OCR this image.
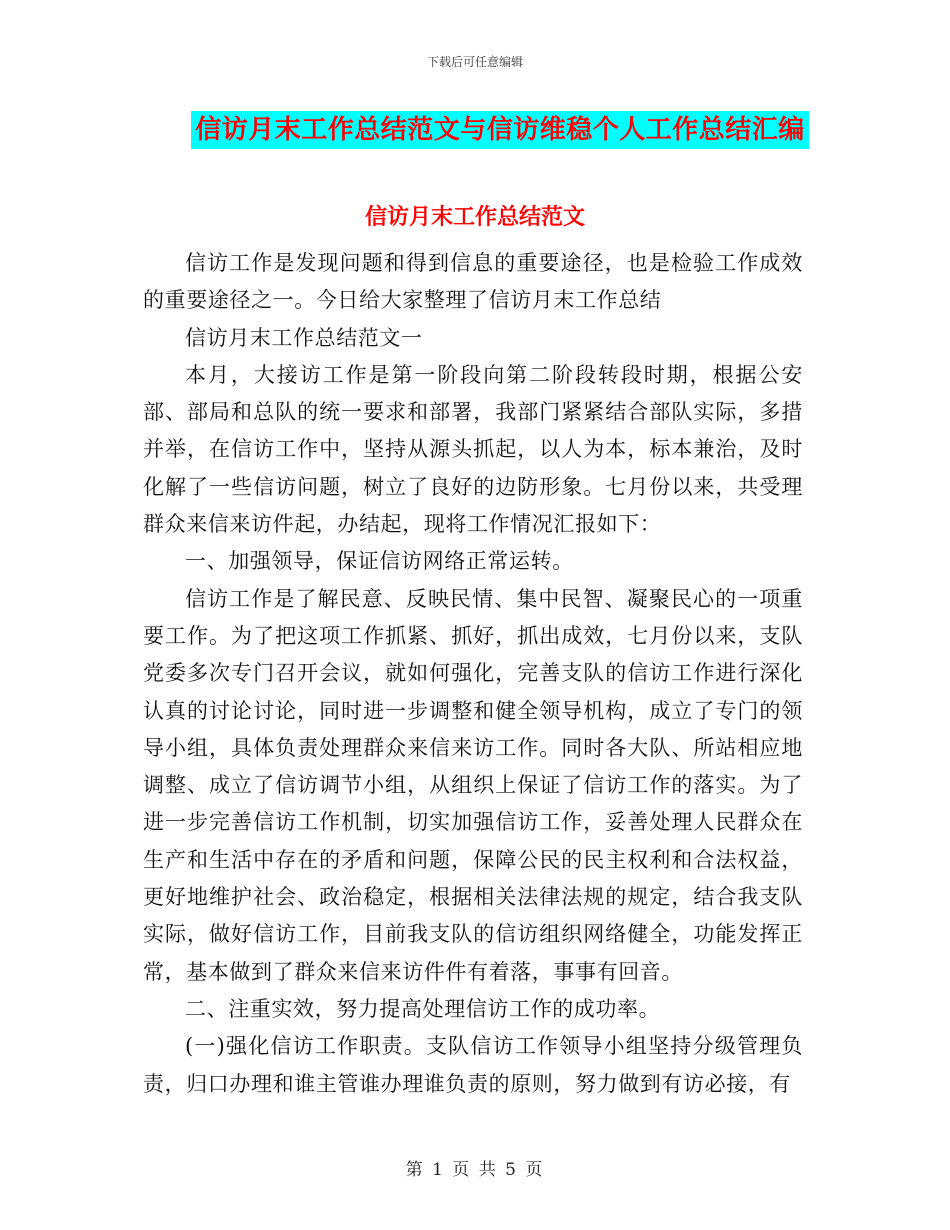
下载后可任意编辑
信访月末工作总结范文与信访维稳个人工作总结汇编
信访月末工作总结范文

信访工作是发现问题和得到信息的重要途径，也是检验工作成效的重要途径之一。今日给大家整理了信访月末工作总结

信访月末工作总结范文一

本月，大接访工作是第一阶段向第二阶段转段时期，根据公安部、部局和总队的统一要求和部署，我部门紧紧结合部队实际，多措并举，在信访工作中，坚持从源头抓起，以人为本，标本兼治，及时化解了一些信访问题，树立了良好的边防形象。七月份以来，共受理群众来信来访件起，办结起，现将工作情况汇报如下：

一、加强领导，保证信访网络正常运转。

信访工作是了解民意、反映民情、集中民智、凝聚民心的一项重要工作。为了把这项工作抓紧、抓好，抓出成效，七月份以来，支队党委多次专门召开会议，就如何强化，完善支队的信访工作进行深化认真的讨论讨论，同时进一步调整和健全领导机构，成立了专门的领导小组，具体负责处理群众来信来访工作。同时各大队、所站相应地调整、成立了信访调节小组，从组织上保证了信访工作的落实。为了进一步完善信访工作机制，切实加强信访工作，妥善处理人民群众在生产和生活中存在的矛盾和问题，保障公民的民主权利和合法权益，更好地维护社会、政治稳定，根据相关法律法规的规定，结合我支队实际，做好信访工作，目前我支队的信访组织网络健全，功能发挥正常，基本做到了群众来信来访件件有着落，事事有回音。

二、注重实效，努力提高处理信访工作的成功率。

(一)强化信访工作职责。支队信访工作领导小组坚持分级管理负责，归口办理和谁主管谁办理谁负责的原则，努力做到有访必接，有

第 1 页 共 5 页
